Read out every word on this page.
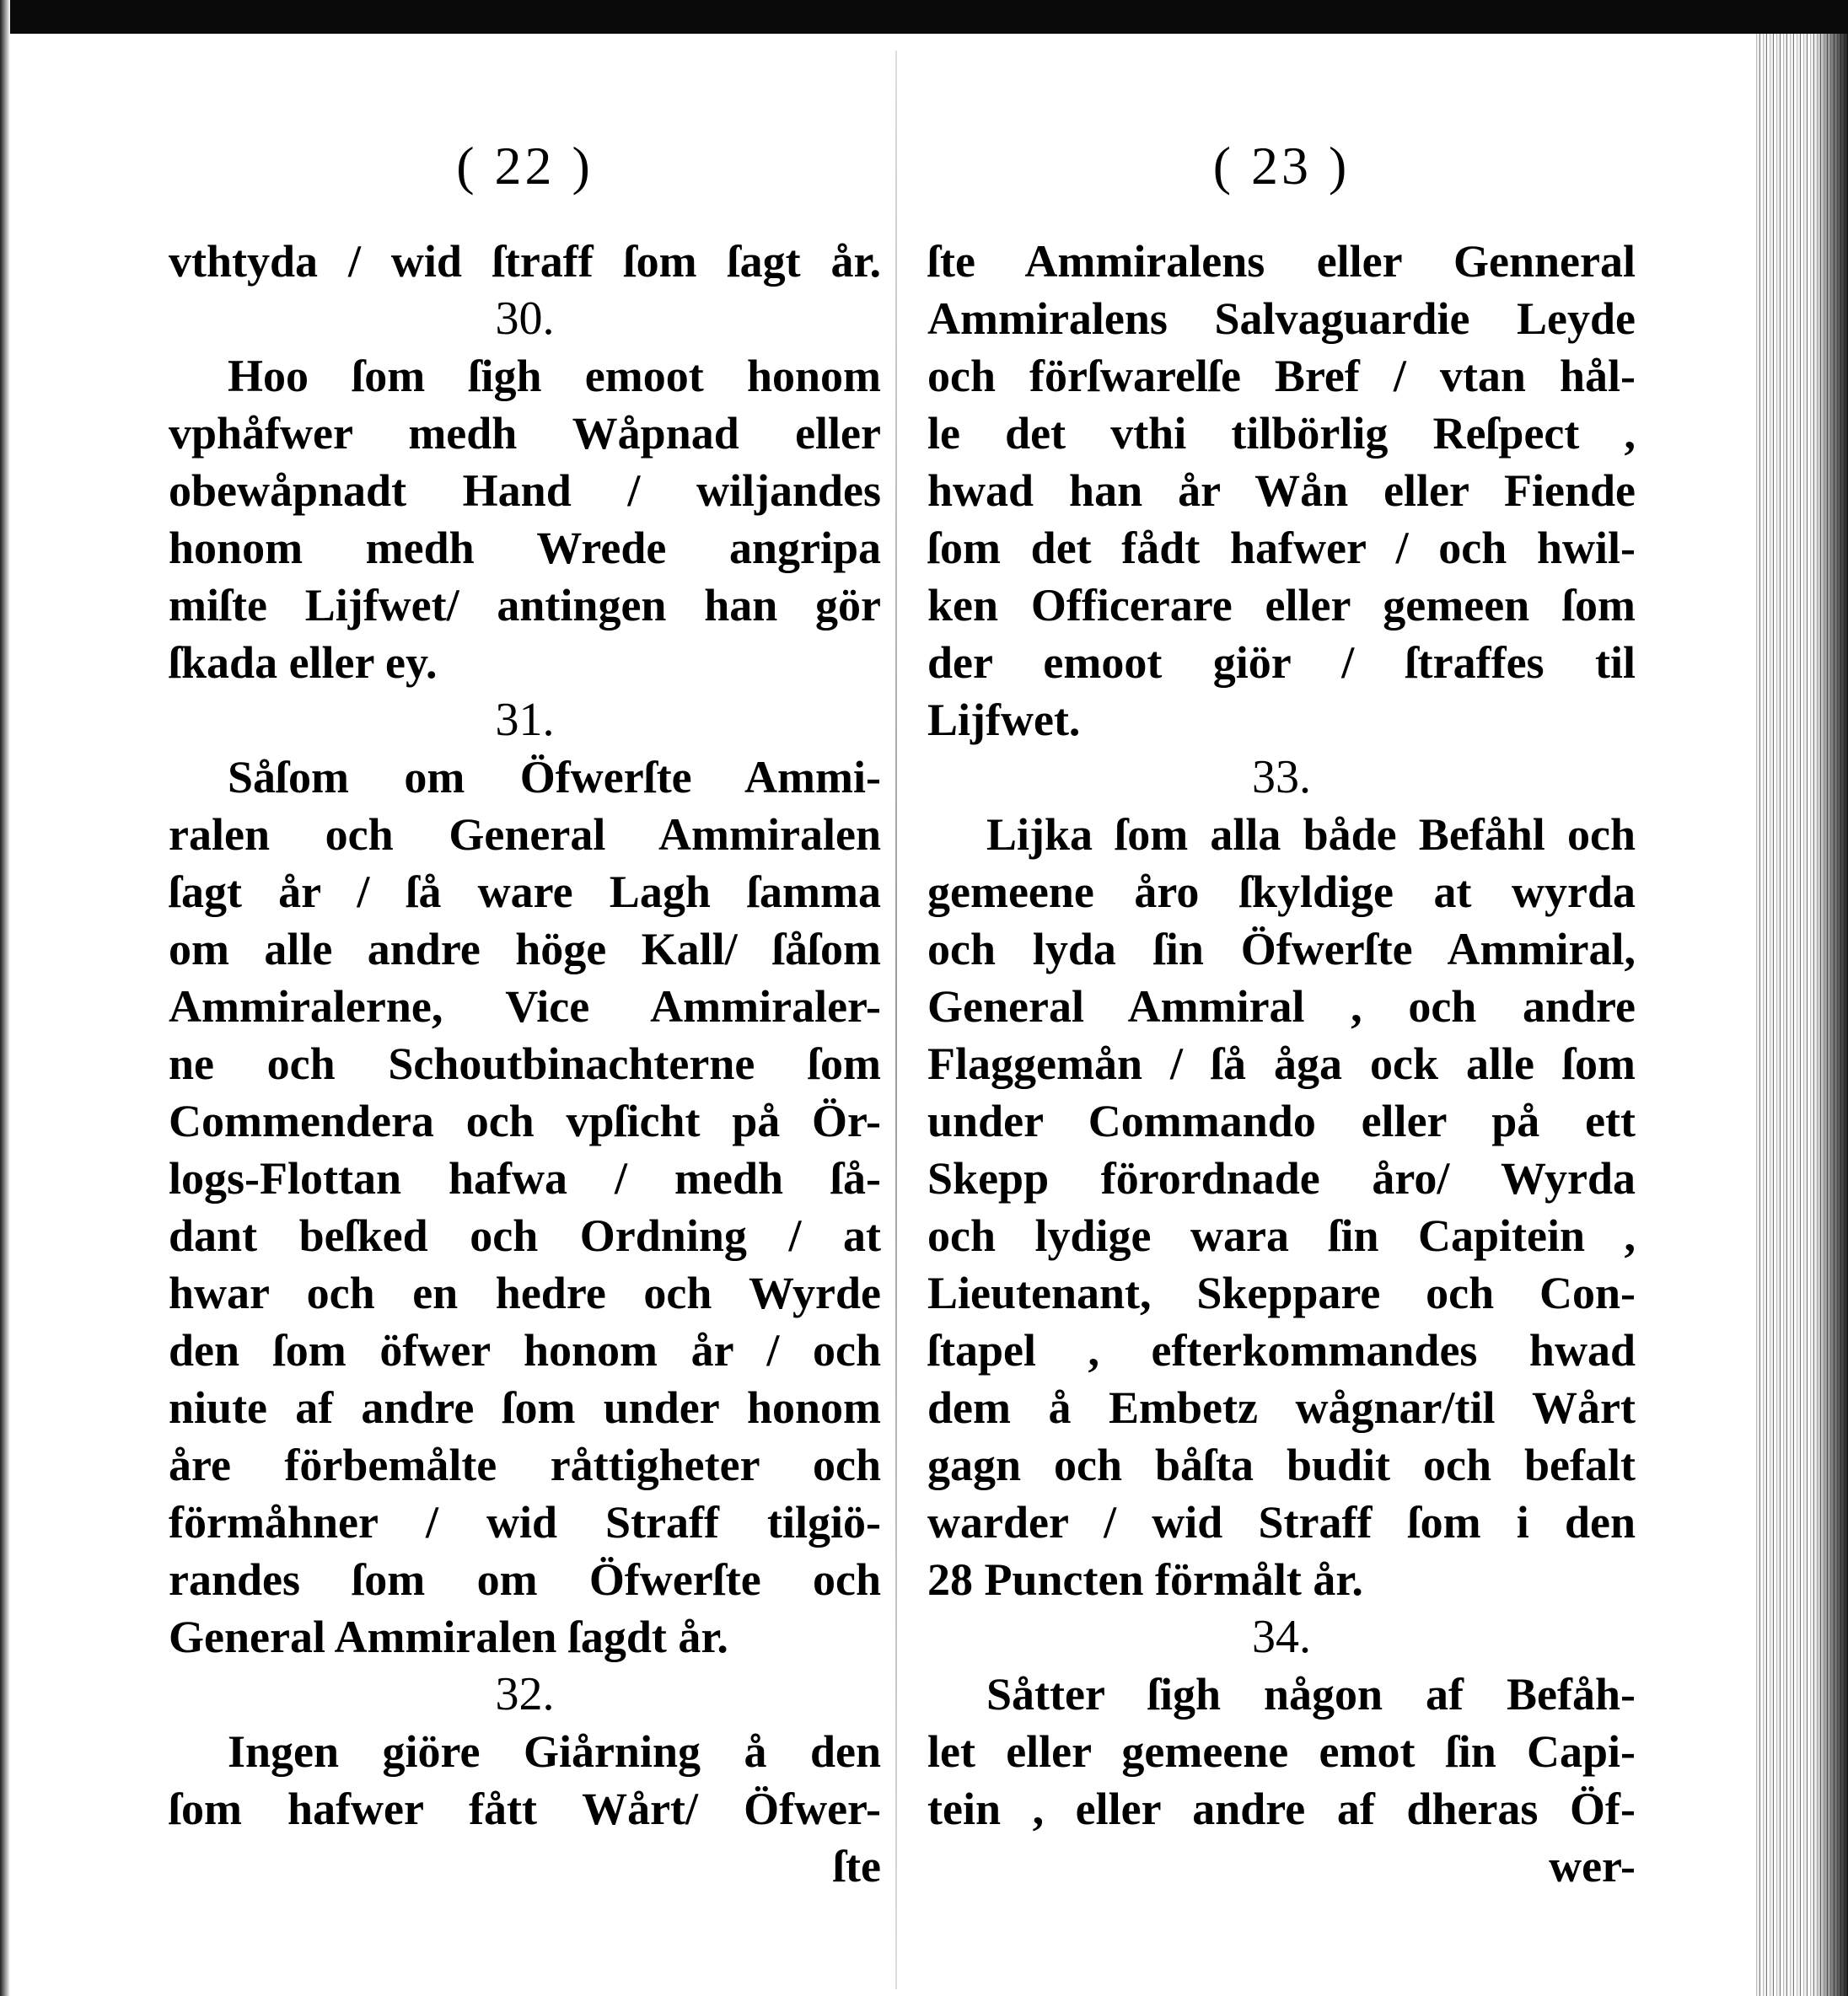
( 22 )
vthtyda / wid ſtraff ſom ſagt år.
30.
Hoo ſom ſigh emoot honom
vphåfwer medh Wåpnad eller
obewåpnadt Hand / wiljandes
honom medh Wrede angripa
miſte Lijfwet/ antingen han gör
ſkada eller ey.
31.
Såſom om Öfwerſte Ammi-
ralen och General Ammiralen
ſagt år / ſå ware Lagh ſamma
om alle andre höge Kall/ ſåſom
Ammiralerne, Vice Ammiraler-
ne och Schoutbinachterne ſom
Commendera och vpſicht på Ör-
logs-Flottan hafwa / medh ſå-
dant beſked och Ordning / at
hwar och en hedre och Wyrde
den ſom öfwer honom år / och
niute af andre ſom under honom
åre förbemålte råttigheter och
förmåhner / wid Straff tilgiö-
randes ſom om Öfwerſte och
General Ammiralen ſagdt år.
32.
Ingen giöre Giårning å den
ſom hafwer fått Wårt/ Öfwer-
ſte
( 23 )
ſte Ammiralens eller Genneral
Ammiralens Salvaguardie Leyde
och förſwarelſe Bref / vtan hål-
le det vthi tilbörlig Reſpect ,
hwad han år Wån eller Fiende
ſom det fådt hafwer / och hwil-
ken Officerare eller gemeen ſom
der emoot giör / ſtraffes til
Lijfwet.
33.
Lijka ſom alla både Befåhl och
gemeene åro ſkyldige at wyrda
och lyda ſin Öfwerſte Ammiral,
General Ammiral , och andre
Flaggemån / ſå åga ock alle ſom
under Commando eller på ett
Skepp förordnade åro/ Wyrda
och lydige wara ſin Capitein ,
Lieutenant, Skeppare och Con-
ſtapel , efterkommandes hwad
dem å Embetz wågnar/til Wårt
gagn och båſta budit och befalt
warder / wid Straff ſom i den
28 Puncten förmålt år.
34.
Såtter ſigh någon af Befåh-
let eller gemeene emot ſin Capi-
tein , eller andre af dheras Öf-
wer-
